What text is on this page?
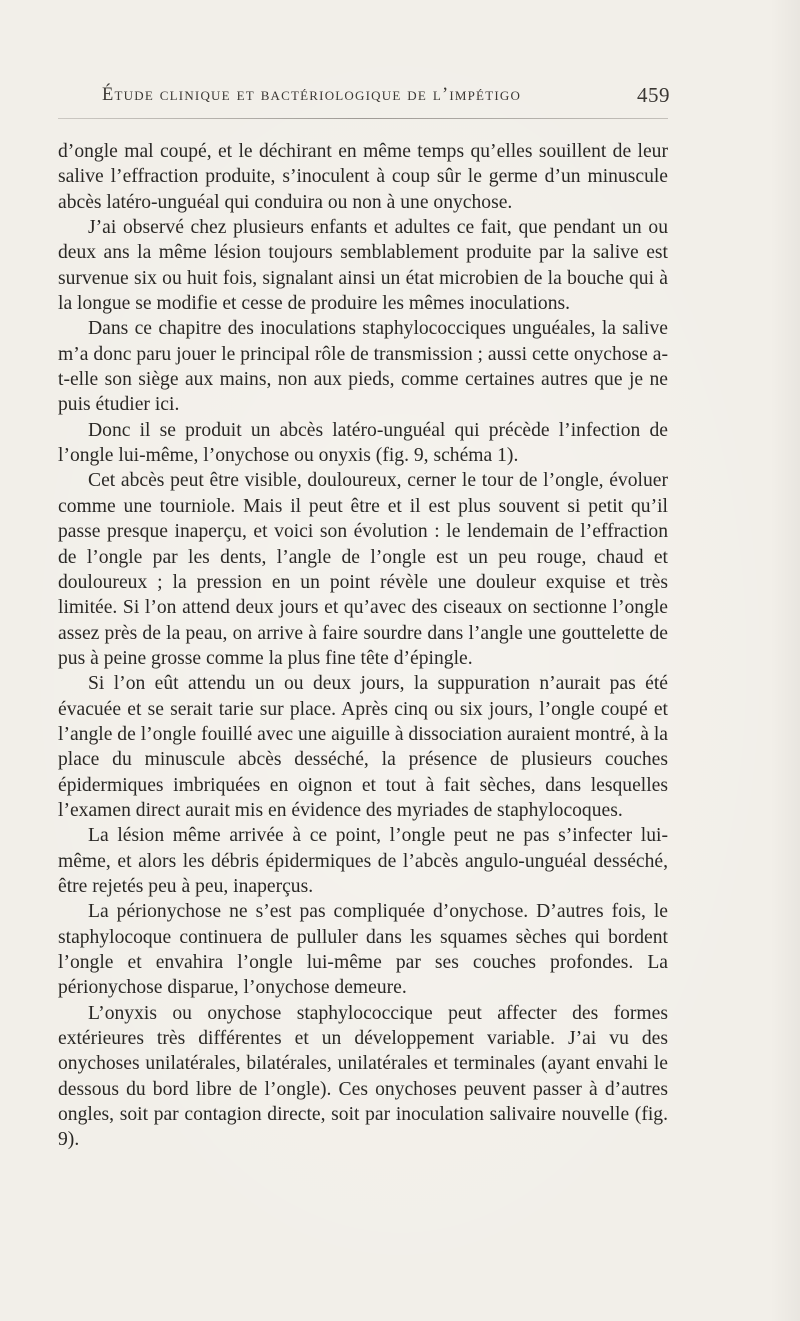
Étude clinique et bactériologique de l’impétigo	459

d’ongle mal coupé, et le déchirant en même temps qu’elles souillent de leur salive l’effraction produite, s’inoculent à coup sûr le germe d’un minuscule abcès latéro-unguéal qui conduira ou non à une onychose.

J’ai observé chez plusieurs enfants et adultes ce fait, que pendant un ou deux ans la même lésion toujours semblablement produite par la salive est survenue six ou huit fois, signalant ainsi un état microbien de la bouche qui à la longue se modifie et cesse de produire les mêmes inoculations.

Dans ce chapitre des inoculations staphylococciques unguéales, la salive m’a donc paru jouer le principal rôle de transmission ; aussi cette onychose a-t-elle son siège aux mains, non aux pieds, comme certaines autres que je ne puis étudier ici.

Donc il se produit un abcès latéro-unguéal qui précède l’infection de l’ongle lui-même, l’onychose ou onyxis (fig. 9, schéma 1).

Cet abcès peut être visible, douloureux, cerner le tour de l’ongle, évoluer comme une tourniole. Mais il peut être et il est plus souvent si petit qu’il passe presque inaperçu, et voici son évolution : le lendemain de l’effraction de l’ongle par les dents, l’angle de l’ongle est un peu rouge, chaud et douloureux ; la pression en un point révèle une douleur exquise et très limitée. Si l’on attend deux jours et qu’avec des ciseaux on sectionne l’ongle assez près de la peau, on arrive à faire sourdre dans l’angle une gouttelette de pus à peine grosse comme la plus fine tête d’épingle.

Si l’on eût attendu un ou deux jours, la suppuration n’aurait pas été évacuée et se serait tarie sur place. Après cinq ou six jours, l’ongle coupé et l’angle de l’ongle fouillé avec une aiguille à dissociation auraient montré, à la place du minuscule abcès desséché, la présence de plusieurs couches épidermiques imbriquées en oignon et tout à fait sèches, dans lesquelles l’examen direct aurait mis en évidence des myriades de staphylocoques.

La lésion même arrivée à ce point, l’ongle peut ne pas s’infecter lui-même, et alors les débris épidermiques de l’abcès angulo-unguéal desséché, être rejetés peu à peu, inaperçus.

La périonychose ne s’est pas compliquée d’onychose. D’autres fois, le staphylocoque continuera de pulluler dans les squames sèches qui bordent l’ongle et envahira l’ongle lui-même par ses couches profondes. La périonychose disparue, l’onychose demeure.

L’onyxis ou onychose staphylococcique peut affecter des formes extérieures très différentes et un développement variable. J’ai vu des onychoses unilatérales, bilatérales, unilatérales et terminales (ayant envahi le dessous du bord libre de l’ongle). Ces onychoses peuvent passer à d’autres ongles, soit par contagion directe, soit par inoculation salivaire nouvelle (fig. 9).
